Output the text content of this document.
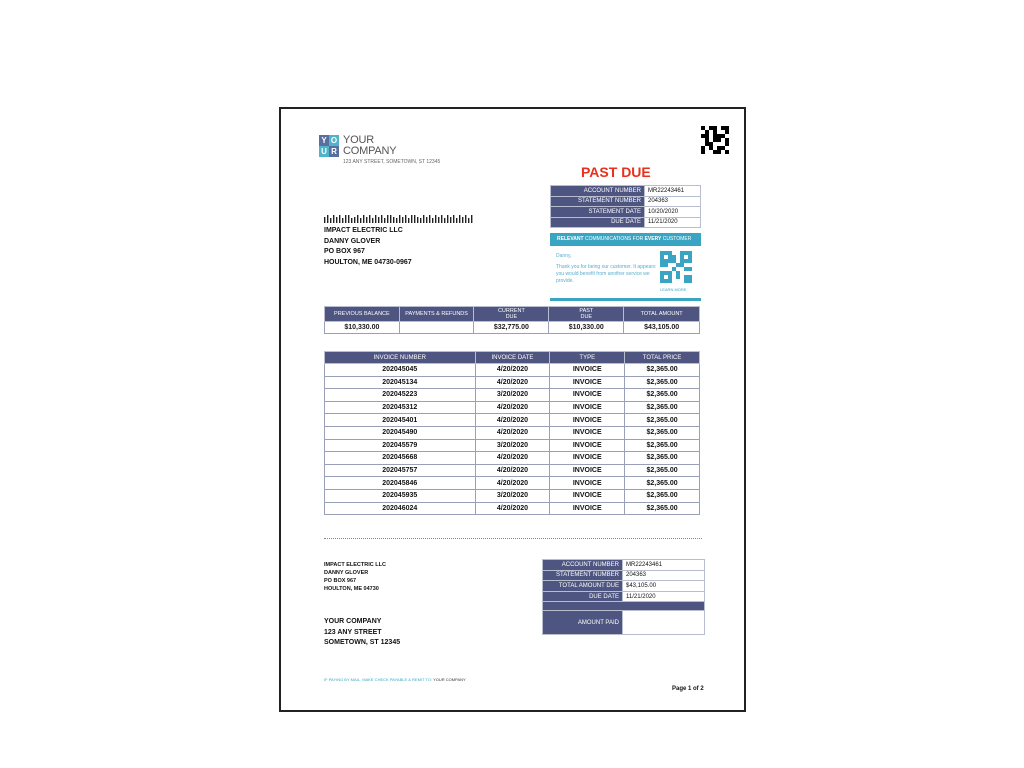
Y O
U R
YOUR
COMPANY
123 ANY STREET, SOMETOWN, ST 12345
PAST DUE
ACCOUNT NUMBER	MR22243461
STATEMENT NUMBER	204363
STATEMENT DATE	10/20/2020
DUE DATE	11/21/2020
RELEVANT COMMUNICATIONS FOR EVERY CUSTOMER
Danny,
Thank you for being our customer. It appears you would benefit from another service we provide.
LEARN MORE
IMPACT ELECTRIC LLC
DANNY GLOVER
PO BOX 967
HOULTON, ME 04730-0967
PREVIOUS BALANCE	PAYMENTS & REFUNDS	CURRENT DUE	PAST DUE	TOTAL AMOUNT
$10,330.00		$32,775.00	$10,330.00	$43,105.00
INVOICE NUMBER	INVOICE DATE	TYPE	TOTAL PRICE
202045045	4/20/2020	INVOICE	$2,365.00
202045134	4/20/2020	INVOICE	$2,365.00
202045223	3/20/2020	INVOICE	$2,365.00
202045312	4/20/2020	INVOICE	$2,365.00
202045401	4/20/2020	INVOICE	$2,365.00
202045490	4/20/2020	INVOICE	$2,365.00
202045579	3/20/2020	INVOICE	$2,365.00
202045668	4/20/2020	INVOICE	$2,365.00
202045757	4/20/2020	INVOICE	$2,365.00
202045846	4/20/2020	INVOICE	$2,365.00
202045935	3/20/2020	INVOICE	$2,365.00
202046024	4/20/2020	INVOICE	$2,365.00
IMPACT ELECTRIC LLC
DANNY GLOVER
PO BOX 967
HOULTON, ME 04730
YOUR COMPANY
123 ANY STREET
SOMETOWN, ST 12345
ACCOUNT NUMBER	MR22243461
STATEMENT NUMBER	204363
TOTAL AMOUNT DUE	$43,105.00
DUE DATE	11/21/2020

AMOUNT PAID	
IF PAYING BY MAIL, MAKE CHECK PAYABLE & REMIT TO: YOUR COMPANY
Page 1 of 2
